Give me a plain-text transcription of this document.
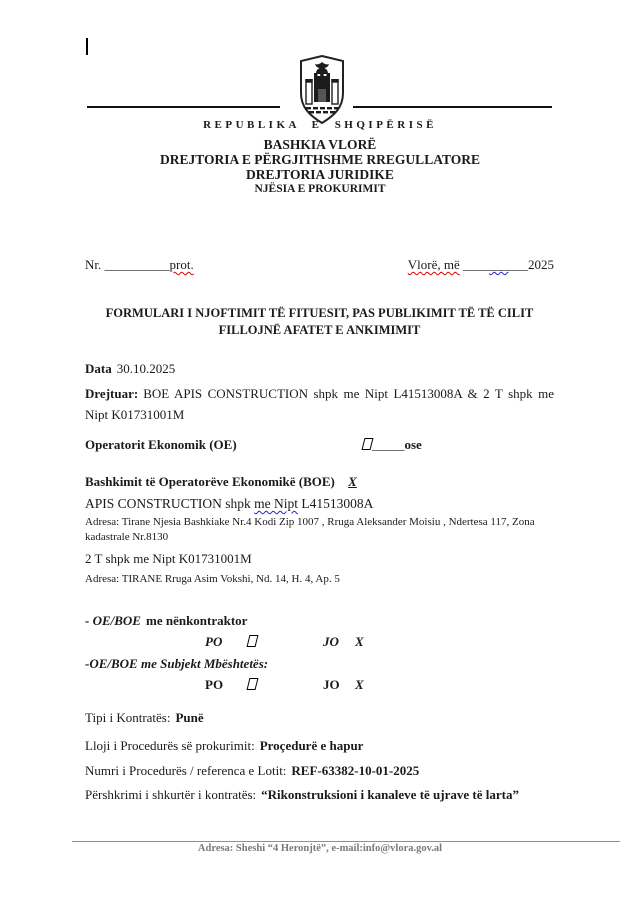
REPUBLIKA E SHQIPËRISË
BASHKIA VLORË
DREJTORIA E PËRGJITHSHME RREGULLATORE
DREJTORIA JURIDIKE
NJËSIA E PROKURIMIT
Nr. __________prot.	Vlorë, më __________2025
FORMULARI I NJOFTIMIT TË FITUESIT, PAS PUBLIKIMIT TË TË CILIT
FILLOJNË AFATET E ANKIMIMIT

Data 30.10.2025

Drejtuar: BOE APIS CONSTRUCTION shpk me Nipt L41513008A & 2 T shpk me Nipt K01731001M

Operatorit Ekonomik (OE)	_____ose

Bashkimit të Operatorëve Ekonomikë (BOE) X

APIS CONSTRUCTION shpk me Nipt L41513008A

Adresa: Tirane Njesia Bashkiake Nr.4 Kodi Zip 1007 , Rruga Aleksander Moisiu , Ndertesa 117, Zona kadastrale Nr.8130

2 T shpk me Nipt K01731001M

Adresa: TIRANE Rruga Asim Vokshi, Nd. 14, H. 4, Ap. 5

- OE/BOE me nënkontraktor

PO	JO X

-OE/BOE me Subjekt Mbështetës:

PO	JO X

Tipi i Kontratës: Punë

Lloji i Procedurës së prokurimit: Proçedurë e hapur

Numri i Procedurës / referenca e Lotit: REF-63382-10-01-2025

Përshkrimi i shkurtër i kontratës: “Rikonstruksioni i kanaleve të ujrave të larta”

Adresa: Sheshi “4 Heronjtë”, e-mail:info@vlora.gov.al
